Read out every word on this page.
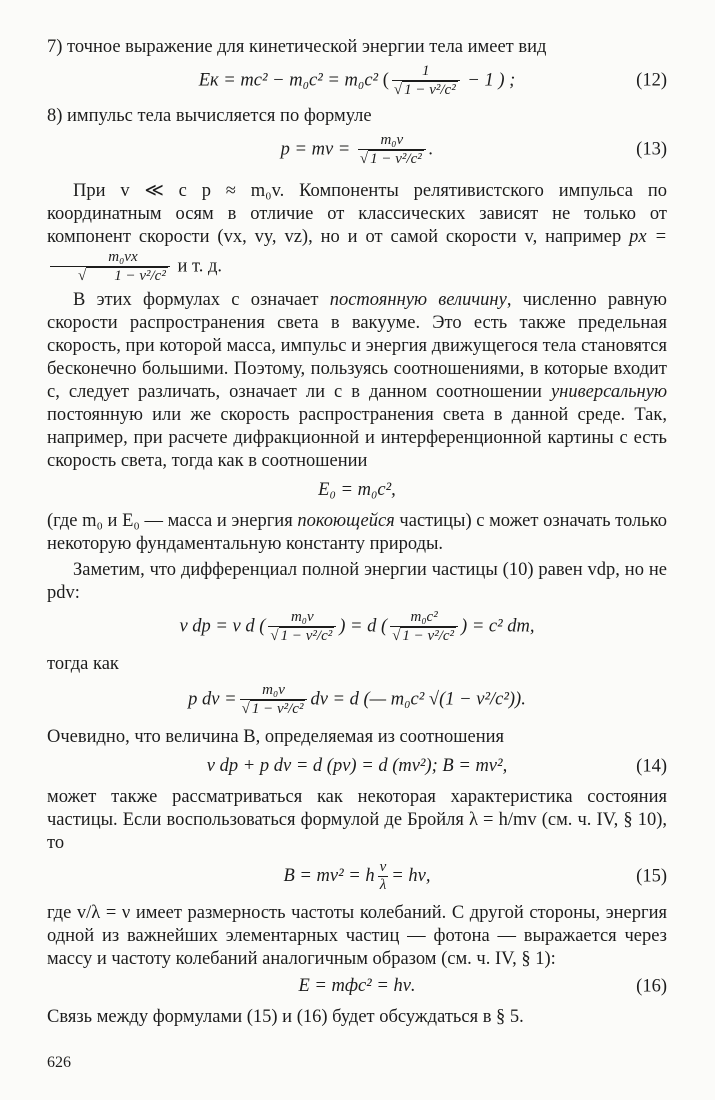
7) точное выражение для кинетической энергии тела имеет вид

Eк = mc² − m₀c² = m₀c² ( $\frac{1}{\text{√ 1 − v²/c²}} - 1$ ) ;	(12)

8) импульс тела вычисляется по формуле

p = mv = $\frac{\text{m₀v}}{\text{√ 1 − v²/c²}}$ .	(13)

При v ≪ c p ≈ m₀v. Компоненты релятивистского импульса по координатным осям в отличие от классических зависят не только от компонент скорости (vx, vy, vz), но и от самой скорости v, например px =
$\frac{\text{m₀vx}}{\text{√ 1 − v²/c²}}$ и т. д.

В этих формулах c означает постоянную величину, численно равную скорости распространения света в вакууме. Это есть также предельная скорость, при которой масса, импульс и энергия движущегося тела становятся бесконечно большими. Поэтому, пользуясь соотношениями, в которые входит c, следует различать, означает ли c в данном соотношении универсальную постоянную или же скорость распространения света в данной среде. Так, например, при расчете дифракционной и интерференционной картины c есть скорость света, тогда как в соотношении

E₀ = m₀c²,

(где m₀ и E₀ — масса и энергия покоющейся частицы) c может означать только некоторую фундаментальную константу природы.

Заметим, что дифференциал полной энергии частицы (10) равен vdp, но не pdv:

v dp = v d ( $\frac{\text{m₀v}}{\text{√ 1 − v²/c²}}$ ) = d ( $\frac{\text{m₀c²}}{\text{√ 1 − v²/c²}}$ ) = c² dm,

тогда как

p dv = $\frac{\text{m₀v}}{\text{√ 1 − v²/c²}}$ dv = d (— m₀c² √(1 − v²/c²)).

Очевидно, что величина B, определяемая из соотношения

v dp + p dv = d (pv) = d (mv²); B = mv²,	(14)

может также рассматриваться как некоторая характеристика состояния частицы. Если воспользоваться формулой де Бройля λ = h/mv (см. ч. IV, § 10), то

B = mv² = h $\frac{v}{\lambda} = h\nu$,	(15)

где v/λ = ν имеет размерность частоты колебаний. С другой стороны, энергия одной из важнейших элементарных частиц — фотона — выражается через массу и частоту колебаний аналогичным образом (см. ч. IV, § 1):

E = mфc² = hν.	(16)

Связь между формулами (15) и (16) будет обсуждаться в § 5.

626
